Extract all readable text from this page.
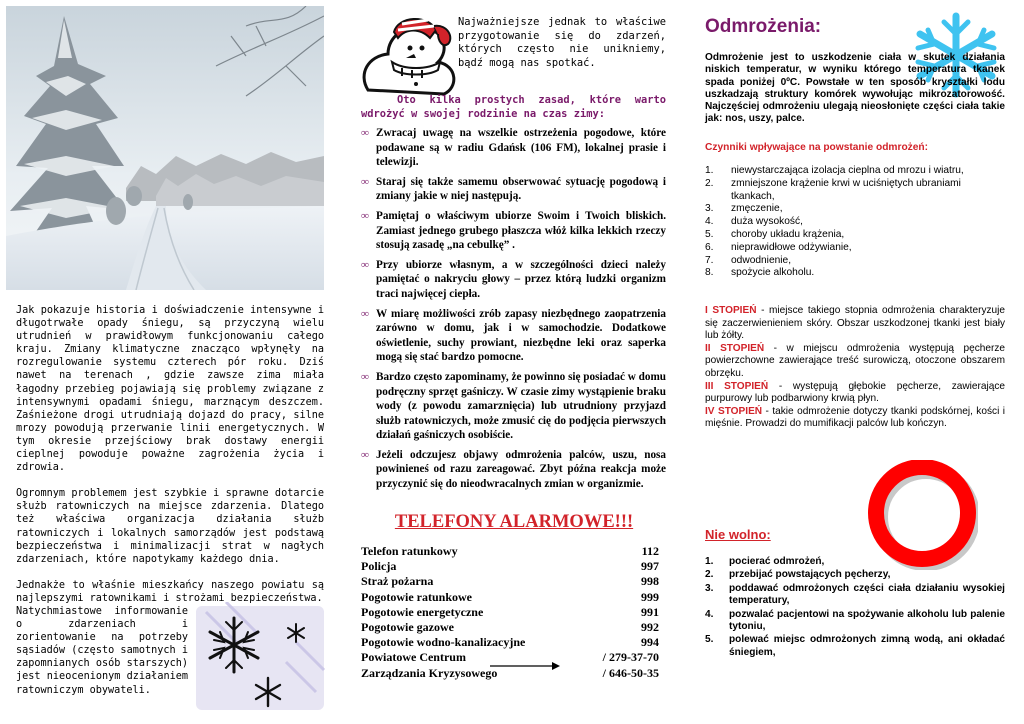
Jak pokazuje historia i doświadczenie intensywne i długotrwałe opady śniegu, są przyczyną wielu utrudnień w prawidłowym funkcjonowaniu całego kraju. Zmiany klimatyczne znacząco wpłynęły na rozregulowanie systemu czterech pór roku. Dziś nawet na terenach , gdzie zawsze zima miała łagodny przebieg pojawiają się problemy związane z intensywnymi opadami śniegu, marznącym deszczem. Zaśnieżone drogi utrudniają dojazd do pracy, silne mrozy powodują przerwanie linii energetycznych. W tym okresie przejściowy brak dostawy energii cieplnej powoduje poważne zagrożenia życia i zdrowia.

Ogromnym problemem jest szybkie i sprawne dotarcie służb ratowniczych na miejsce zdarzenia. Dlatego też właściwa organizacja działania służb ratowniczych i lokalnych samorządów jest podstawą bezpieczeństwa i minimalizacji strat w nagłych zdarzeniach, które napotykamy każdego dnia.

Jednakże to właśnie mieszkańcy naszego powiatu są najlepszymi ratownikami i strożami bezpieczeństwa.

Natychmiastowe informowanie o zdarzeniach i zorientowanie na potrzeby sąsiadów (często samotnych i zapomnianych osób starszych) jest nieocenionym działaniem ratowniczym obywateli.

Najważniejsze jednak to właściwe przygotowanie się do zdarzeń, których często nie unikniemy, bądź mogą nas spotkać.

Oto kilka prostych zasad, które warto wdrożyć w swojej rodzinie na czas zimy:

∞ Zwracaj uwagę na wszelkie ostrzeżenia pogodowe, które podawane są w radiu Gdańsk (106 FM), lokalnej prasie i telewizji.
∞ Staraj się także samemu obserwować sytuację pogodową i zmiany jakie w niej następują.
∞ Pamiętaj o właściwym ubiorze Swoim i Twoich bliskich. Zamiast jednego grubego płaszcza włóż kilka lekkich rzeczy stosują zasadę „na cebulkę” .
∞ Przy ubiorze własnym, a w szczególności dzieci należy pamiętać o nakryciu głowy – przez którą ludzki organizm traci najwięcej ciepła.
∞ W miarę możliwości zrób zapasy niezbędnego zaopatrzenia zarówno w domu, jak i w samochodzie. Dodatkowe oświetlenie, suchy prowiant, niezbędne leki oraz saperka mogą się stać bardzo pomocne.
∞ Bardzo często zapominamy, że powinno się posiadać w domu podręczny sprzęt gaśniczy. W czasie zimy wystąpienie braku wody (z powodu zamarznięcia) lub utrudniony przyjazd służb ratowniczych, może zmusić cię do podjęcia pierwszych działań gaśniczych osobiście.
∞ Jeżeli odczujesz objawy odmrożenia palców, uszu, nosa powinieneś od razu zareagować. Zbyt późna reakcja może przyczynić się do nieodwracalnych zmian w organizmie.
TELEFONY ALARMOWE!!!
Telefon ratunkowy	112
Policja	997
Straż pożarna	998
Pogotowie ratunkowe	999
Pogotowie energetyczne	991
Pogotowie gazowe	992
Pogotowie wodno-kanalizacyjne	994
Powiatowe Centrum	/ 279-37-70
Zarządzania Kryzysowego	/ 646-50-35
Odmrożenia:

Odmrożenie jest to uszkodzenie ciała w skutek działania niskich temperatur, w wyniku którego temperatura tkanek spada poniżej 0ºC. Powstałe w ten sposób kryształki lodu uszkadzają struktury komórek wywołując mikrozatorowość. Najczęściej odmrożeniu ulegają nieosłonięte części ciała takie jak: nos, uszy, palce.

Czynniki wpływające na powstanie odmrożeń:

1. niewystarczająca izolacja cieplna od mrozu i wiatru,
2. zmniejszone krążenie krwi w uciśniętych ubraniami tkankach,
3. zmęczenie,
4. duża wysokość,
5. choroby układu krążenia,
6. nieprawidłowe odżywianie,
7. odwodnienie,
8. spożycie alkoholu.
I STOPIEŃ - miejsce takiego stopnia odmrożenia charakteryzuje się zaczerwienieniem skóry. Obszar uszkodzonej tkanki jest biały lub żółty.
II STOPIEŃ - w miejscu odmrożenia występują pęcherze powierzchowne zawierające treść surowiczą, otoczone obszarem obrzęku.
III STOPIEŃ - występują głębokie pęcherze, zawierające purpurowy lub podbarwiony krwią płyn.
IV STOPIEŃ - takie odmrożenie dotyczy tkanki podskórnej, kości i mięśnie. Prowadzi do mumifikacji palców lub kończyn.
Nie wolno:
1. pocierać odmrożeń,
2. przebijać powstających pęcherzy,
3. poddawać odmrożonych części ciała działaniu wysokiej temperatury,
4. pozwalać pacjentowi na spożywanie alkoholu lub palenie tytoniu,
5. polewać miejsc odmrożonych zimną wodą, ani okładać śniegiem,
